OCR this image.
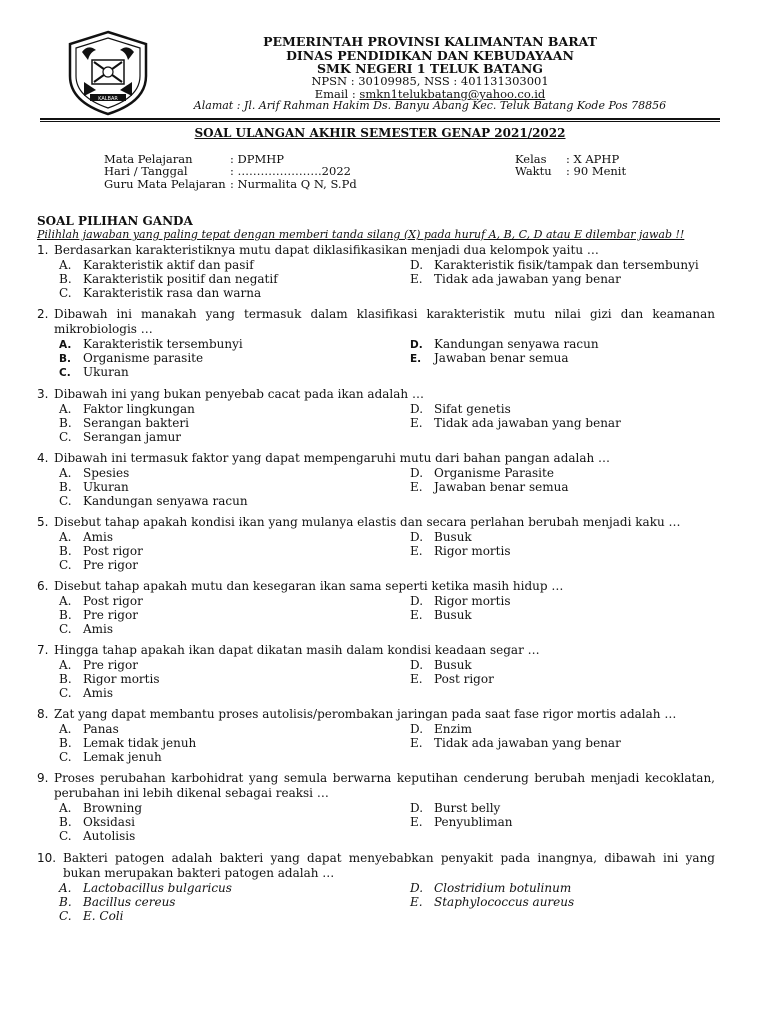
KALBAR
PEMERINTAH PROVINSI KALIMANTAN BARAT
DINAS PENDIDIKAN DAN KEBUDAYAAN
SMK NEGERI 1 TELUK BATANG
NPSN : 30109985, NSS : 401131303001
Email : smkn1telukbatang@yahoo.co.id
Alamat : Jl. Arif Rahman Hakim Ds. Banyu Abang Kec. Teluk Batang Kode Pos 78856
SOAL ULANGAN AKHIR SEMESTER GENAP 2021/2022
Mata Pelajaran	: DPMHP
Hari / Tanggal	: ………………….2022
Guru Mata Pelajaran : Nurmalita Q N, S.Pd
Kelas : X APHP
Waktu : 90 Menit
SOAL PILIHAN GANDA
Pilihlah jawaban yang paling tepat dengan memberi tanda silang (X) pada huruf A, B, C, D atau E dilembar jawab !!
1. Berdasarkan karakteristiknya mutu dapat diklasifikasikan menjadi dua kelompok yaitu …
A. Karakteristik aktif dan pasif
B. Karakteristik positif dan negatif
C. Karakteristik rasa dan warna
D. Karakteristik fisik/tampak dan tersembunyi
E. Tidak ada jawaban yang benar
2. Dibawah ini manakah yang termasuk dalam klasifikasi karakteristik mutu nilai gizi dan keamanan mikrobiologis …
A. Karakteristik tersembunyi
B. Organisme parasite
C. Ukuran
D. Kandungan senyawa racun
E. Jawaban benar semua
3. Dibawah ini yang bukan penyebab cacat pada ikan adalah …
A. Faktor lingkungan
B. Serangan bakteri
C. Serangan jamur
D. Sifat genetis
E. Tidak ada jawaban yang benar
4. Dibawah ini termasuk faktor yang dapat mempengaruhi mutu dari bahan pangan adalah …
A. Spesies
B. Ukuran
C. Kandungan senyawa racun
D. Organisme Parasite
E. Jawaban benar semua
5. Disebut tahap apakah kondisi ikan yang mulanya elastis dan secara perlahan berubah menjadi kaku …
A. Amis
B. Post rigor
C. Pre rigor
D. Busuk
E. Rigor mortis
6. Disebut tahap apakah mutu dan kesegaran ikan sama seperti ketika masih hidup …
A. Post rigor
B. Pre rigor
C. Amis
D. Rigor mortis
E. Busuk
7. Hingga tahap apakah ikan dapat dikatan masih dalam kondisi keadaan segar …
A. Pre rigor
B. Rigor mortis
C. Amis
D. Busuk
E. Post rigor
8. Zat yang dapat membantu proses autolisis/perombakan jaringan pada saat fase rigor mortis adalah …
A. Panas
B. Lemak tidak jenuh
C. Lemak jenuh
D. Enzim
E. Tidak ada jawaban yang benar
9. Proses perubahan karbohidrat yang semula berwarna keputihan cenderung berubah menjadi kecoklatan, perubahan ini lebih dikenal sebagai reaksi …
A. Browning
B. Oksidasi
C. Autolisis
D. Burst belly
E. Penyubliman
10. Bakteri patogen adalah bakteri yang dapat menyebabkan penyakit pada inangnya, dibawah ini yang bukan merupakan bakteri patogen adalah …
A. Lactobacillus bulgaricus
B. Bacillus cereus
C. E. Coli
D. Clostridium botulinum
E. Staphylococcus aureus
